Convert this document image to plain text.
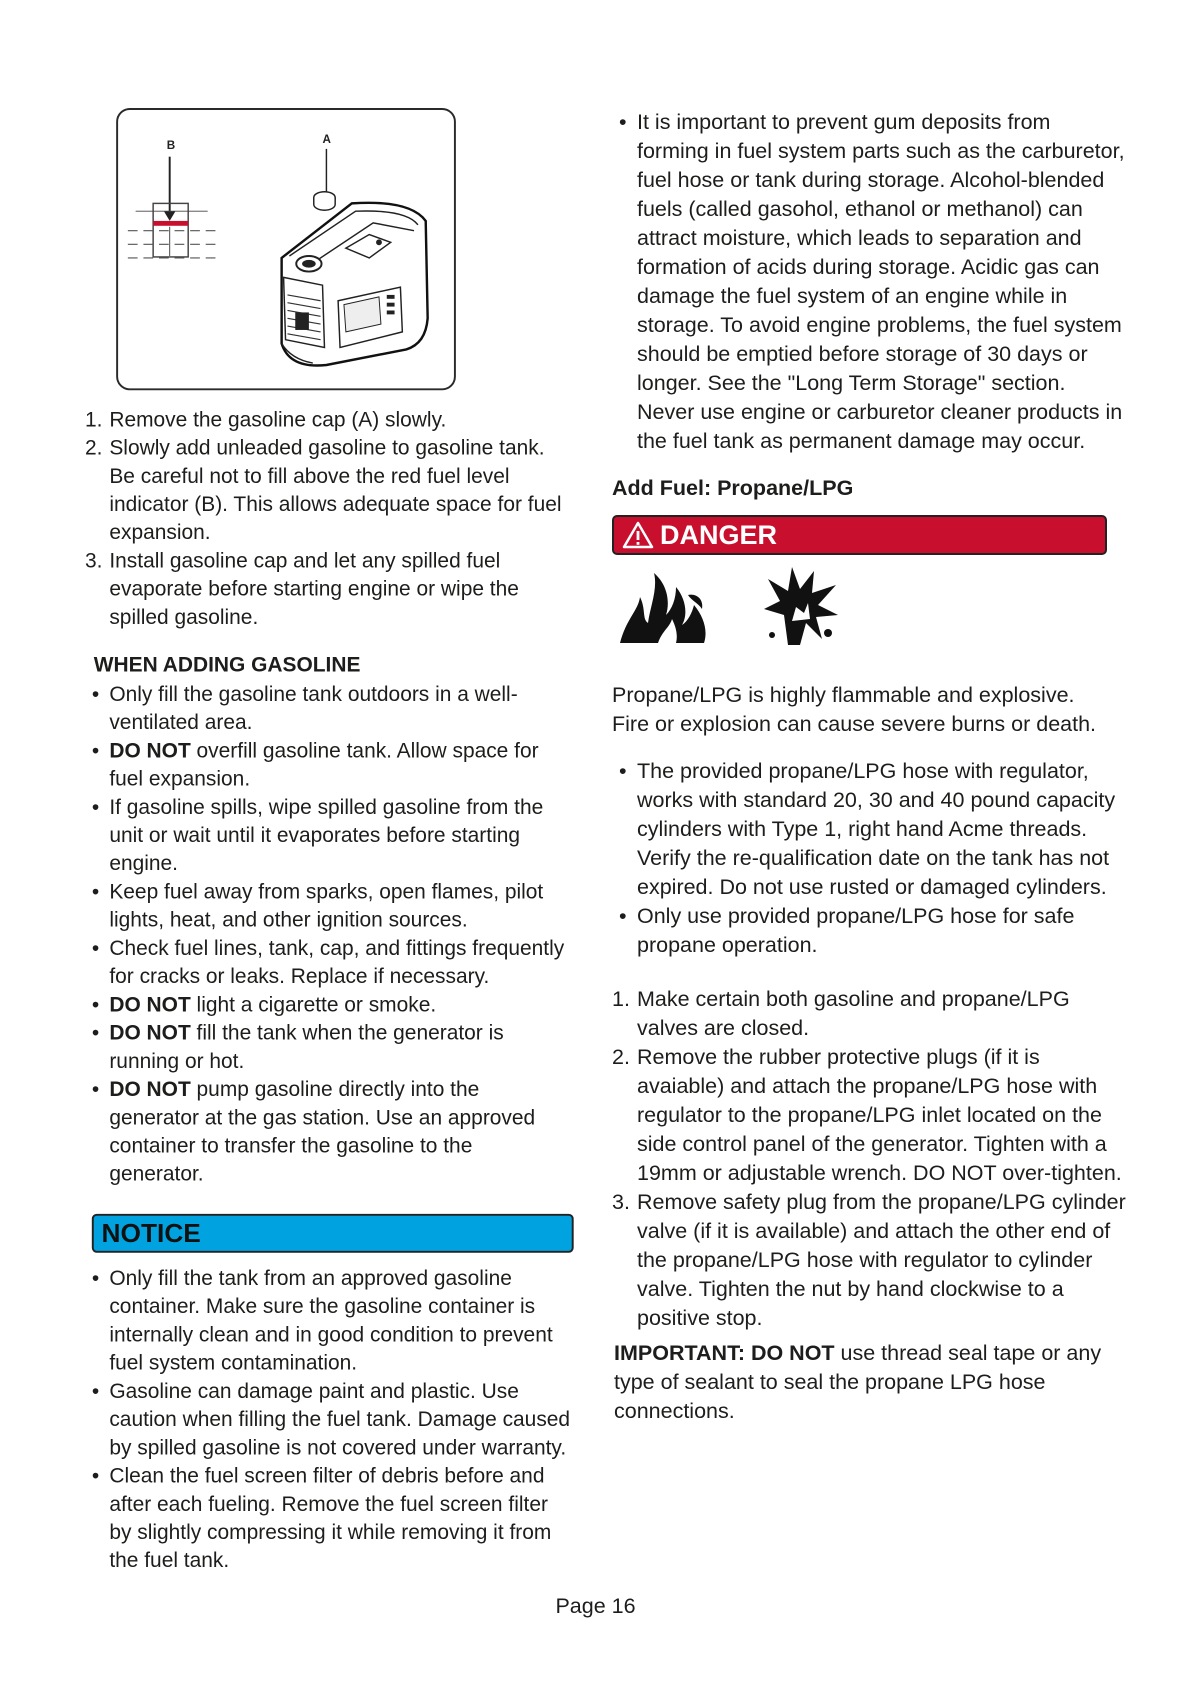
B	A
1. Remove the gasoline cap (A) slowly.
2. Slowly add unleaded gasoline to gasoline tank. Be careful not to fill above the red fuel level indicator (B). This allows adequate space for fuel expansion.
3. Install gasoline cap and let any spilled fuel evaporate before starting engine or wipe the spilled gasoline.
WHEN ADDING GASOLINE
• Only fill the gasoline tank outdoors in a well-ventilated area.
• DO NOT overfill gasoline tank. Allow space for fuel expansion.
• If gasoline spills, wipe spilled gasoline from the unit or wait until it evaporates before starting engine.
• Keep fuel away from sparks, open flames, pilot lights, heat, and other ignition sources.
• Check fuel lines, tank, cap, and fittings frequently for cracks or leaks. Replace if necessary.
• DO NOT light a cigarette or smoke.
• DO NOT fill the tank when the generator is running or hot.
• DO NOT pump gasoline directly into the generator at the gas station. Use an approved container to transfer the gasoline to the generator.
NOTICE
• Only fill the tank from an approved gasoline container. Make sure the gasoline container is internally clean and in good condition to prevent fuel system contamination.
• Gasoline can damage paint and plastic. Use caution when filling the fuel tank. Damage caused by spilled gasoline is not covered under warranty.
• Clean the fuel screen filter of debris before and after each fueling. Remove the fuel screen filter by slightly compressing it while removing it from the fuel tank.
• It is important to prevent gum deposits from forming in fuel system parts such as the carburetor, fuel hose or tank during storage. Alcohol-blended fuels (called gasohol, ethanol or methanol) can attract moisture, which leads to separation and formation of acids during storage. Acidic gas can damage the fuel system of an engine while in storage. To avoid engine problems, the fuel system should be emptied before storage of 30 days or longer. See the "Long Term Storage" section. Never use engine or carburetor cleaner products in the fuel tank as permanent damage may occur.
Add Fuel: Propane/LPG
DANGER
Propane/LPG is highly flammable and explosive.
Fire or explosion can cause severe burns or death.
• The provided propane/LPG hose with regulator, works with standard 20, 30 and 40 pound capacity cylinders with Type 1, right hand Acme threads. Verify the re-qualification date on the tank has not expired. Do not use rusted or damaged cylinders.
• Only use provided propane/LPG hose for safe propane operation.
1. Make certain both gasoline and propane/LPG valves are closed.
2. Remove the rubber protective plugs (if it is avaiable) and attach the propane/LPG hose with regulator to the propane/LPG inlet located on the side control panel of the generator. Tighten with a 19mm or adjustable wrench. DO NOT over-tighten.
3. Remove safety plug from the propane/LPG cylinder valve (if it is available) and attach the other end of the propane/LPG hose with regulator to cylinder valve. Tighten the nut by hand clockwise to a positive stop.

IMPORTANT: DO NOT use thread seal tape or any type of sealant to seal the propane LPG hose connections.

Page 16
